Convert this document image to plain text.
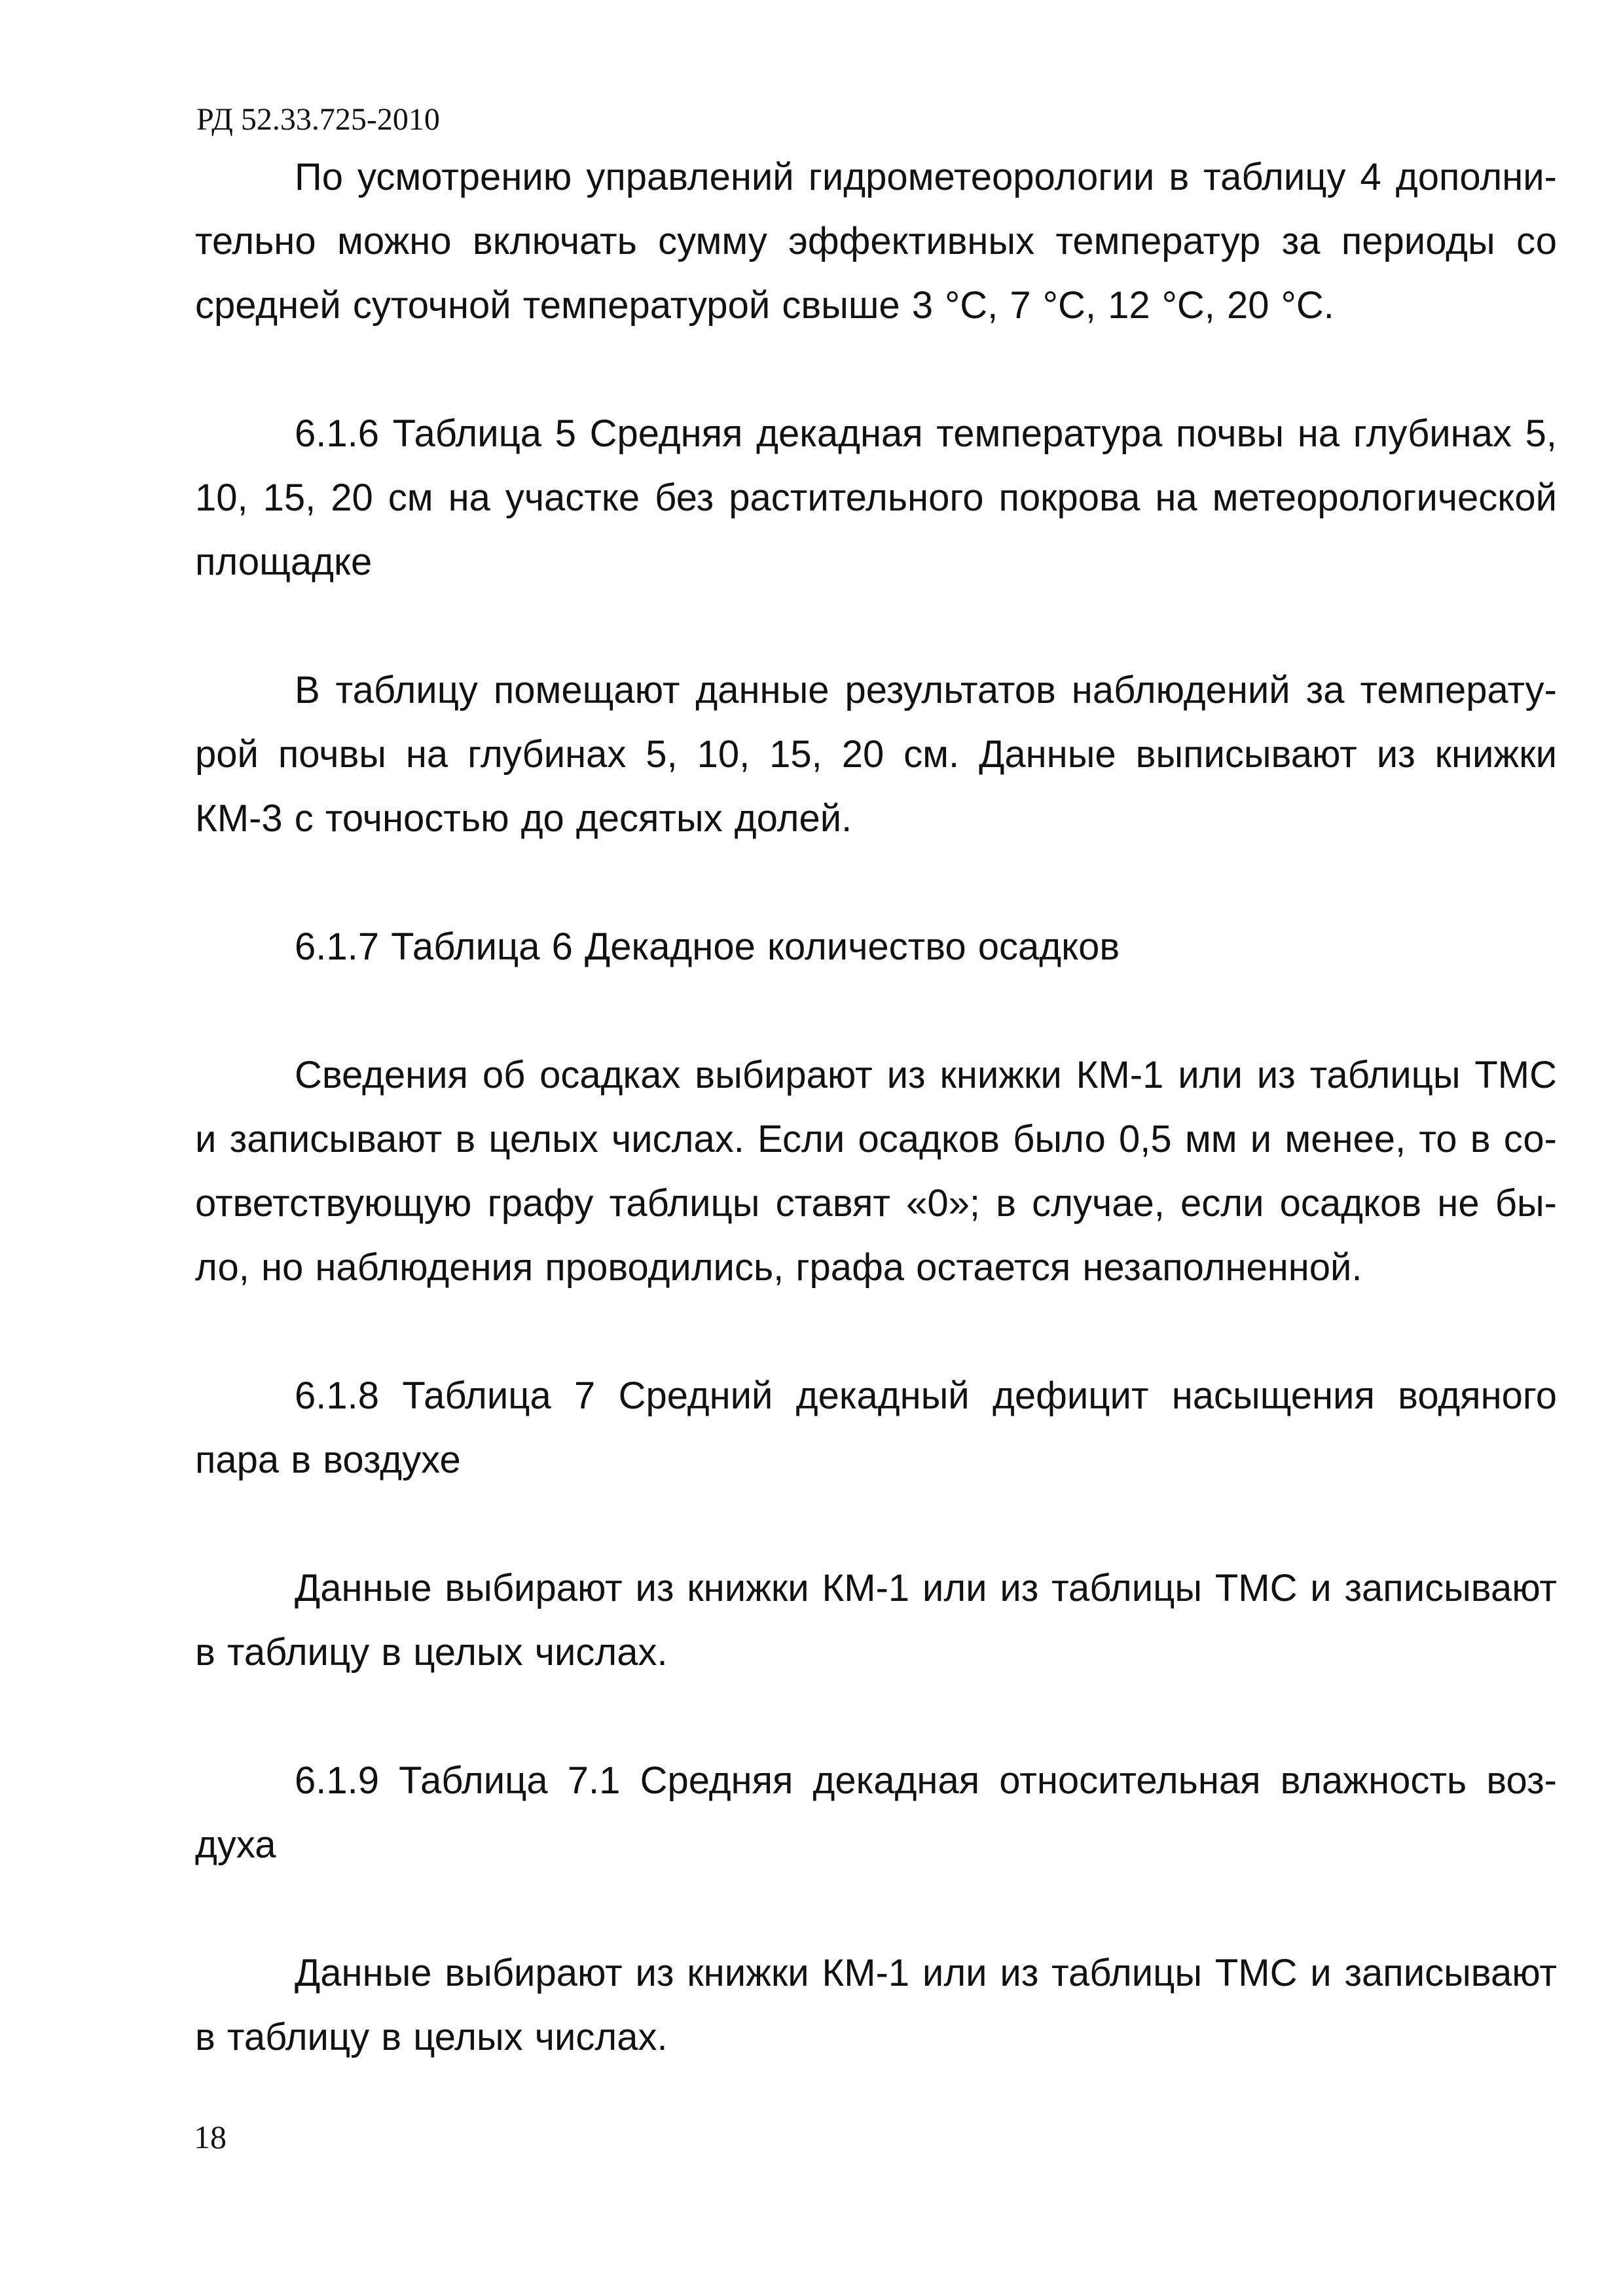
РД 52.33.725-2010

По усмотрению управлений гидрометеорологии в таблицу 4 дополнительно можно включать сумму эффективных температур за периоды со средней суточной температурой свыше 3 °С, 7 °С, 12 °С, 20 °С.

6.1.6 Таблица 5 Средняя декадная температура почвы на глубинах 5, 10, 15, 20 см на участке без растительного покрова на метеорологической площадке

В таблицу помещают данные результатов наблюдений за температурой почвы на глубинах 5, 10, 15, 20 см. Данные выписывают из книжки КМ-3 с точностью до десятых долей.

6.1.7 Таблица 6 Декадное количество осадков

Сведения об осадках выбирают из книжки КМ-1 или из таблицы ТМС и записывают в целых числах. Если осадков было 0,5 мм и менее, то в соответствующую графу таблицы ставят «0»; в случае, если осадков не было, но наблюдения проводились, графа остается незаполненной.

6.1.8 Таблица 7 Средний декадный дефицит насыщения водяного пара в воздухе

Данные выбирают из книжки КМ-1 или из таблицы ТМС и записывают в таблицу в целых числах.

6.1.9 Таблица 7.1 Средняя декадная относительная влажность воздуха

Данные выбирают из книжки КМ-1 или из таблицы ТМС и записывают в таблицу в целых числах.

18
